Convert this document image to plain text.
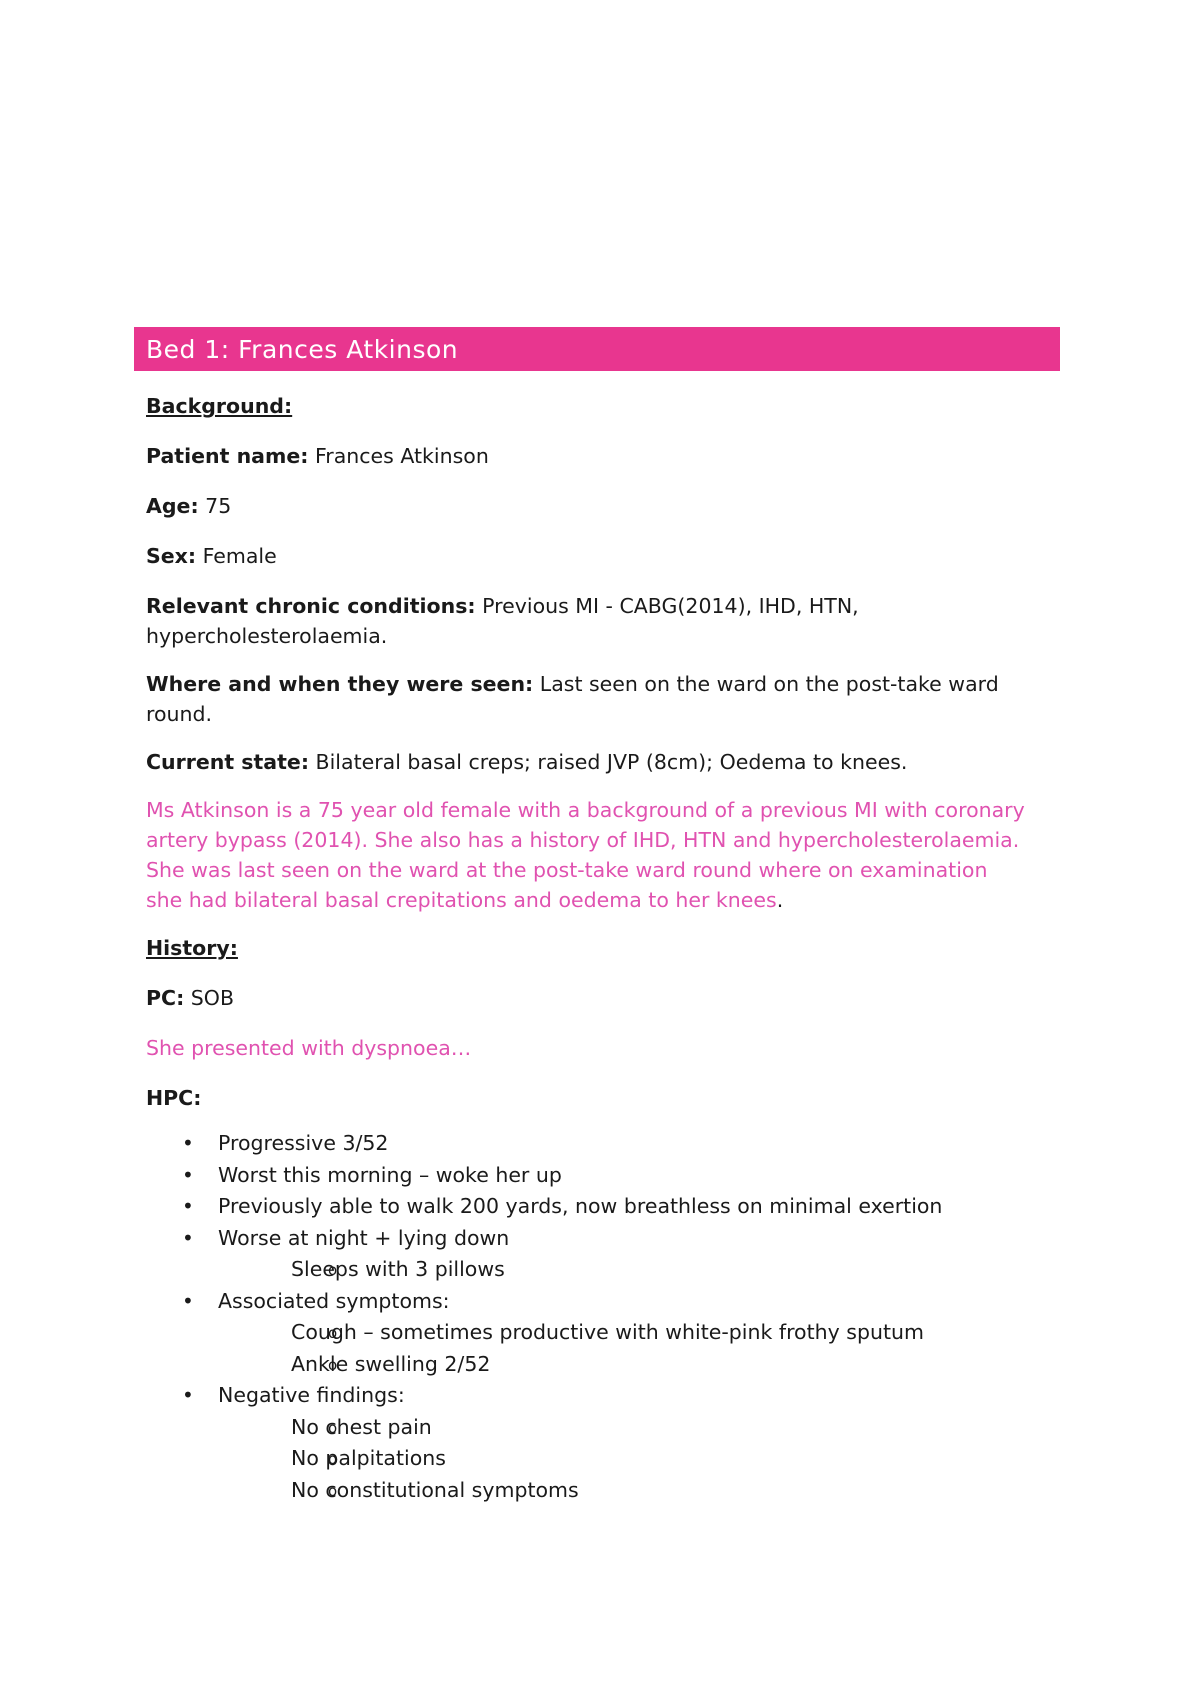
Bed 1: Frances Atkinson

Background:

Patient name: Frances Atkinson

Age: 75

Sex: Female

Relevant chronic conditions: Previous MI - CABG(2014), IHD, HTN,
hypercholesterolaemia.

Where and when they were seen: Last seen on the ward on the post-take ward
round.

Current state: Bilateral basal creps; raised JVP (8cm); Oedema to knees.

Ms Atkinson is a 75 year old female with a background of a previous MI with coronary
artery bypass (2014). She also has a history of IHD, HTN and hypercholesterolaemia.
She was last seen on the ward at the post-take ward round where on examination
she had bilateral basal crepitations and oedema to her knees.

History:

PC: SOB

She presented with dyspnoea…

HPC:

• Progressive 3/52
• Worst this morning – woke her up
• Previously able to walk 200 yards, now breathless on minimal exertion
• Worse at night + lying down
o Sleeps with 3 pillows
• Associated symptoms:
o Cough – sometimes productive with white-pink frothy sputum
o Ankle swelling 2/52
• Negative findings:
o No chest pain
o No palpitations
o No constitutional symptoms
